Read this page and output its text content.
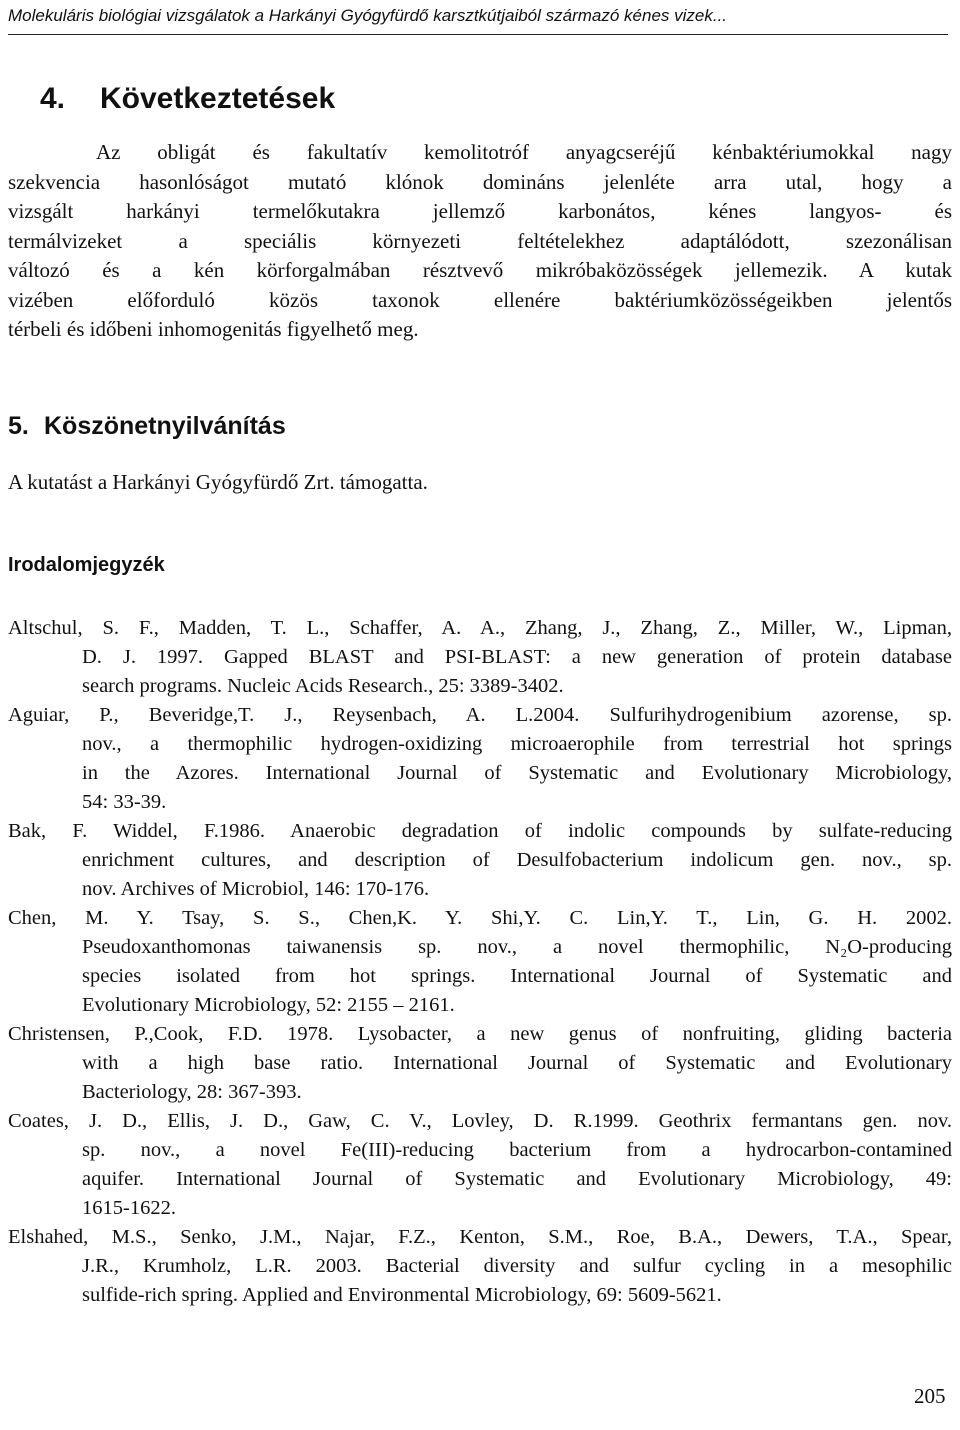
Molekuláris biológiai vizsgálatok a Harkányi Gyógyfürdő karsztkútjaiból származó kénes vizek...
4. Következtetések
Az obligát és fakultatív kemolitotróf anyagcseréjű kénbaktériumokkal nagy
szekvencia hasonlóságot mutató klónok domináns jelenléte arra utal, hogy a
vizsgált harkányi termelőkutakra jellemző karbonátos, kénes langyos- és
termálvizeket a speciális környezeti feltételekhez adaptálódott, szezonálisan
változó és a kén körforgalmában résztvevő mikróbaközösségek jellemezik. A kutak
vizében előforduló közös taxonok ellenére baktériumközösségeikben jelentős
térbeli és időbeni inhomogenitás figyelhető meg.
5. Köszönetnyilvánítás
A kutatást a Harkányi Gyógyfürdő Zrt. támogatta.
Irodalomjegyzék
Altschul, S. F., Madden, T. L., Schaffer, A. A., Zhang, J., Zhang, Z., Miller, W., Lipman,
D. J. 1997. Gapped BLAST and PSI-BLAST: a new generation of protein database
search programs. Nucleic Acids Research., 25: 3389-3402.
Aguiar, P., Beveridge,T. J., Reysenbach, A. L.2004. Sulfurihydrogenibium azorense, sp.
nov., a thermophilic hydrogen-oxidizing microaerophile from terrestrial hot springs
in the Azores. International Journal of Systematic and Evolutionary Microbiology,
54: 33-39.
Bak, F. Widdel, F.1986. Anaerobic degradation of indolic compounds by sulfate-reducing
enrichment cultures, and description of Desulfobacterium indolicum gen. nov., sp.
nov. Archives of Microbiol, 146: 170-176.
Chen, M. Y. Tsay, S. S., Chen,K. Y. Shi,Y. C. Lin,Y. T., Lin, G. H. 2002.
Pseudoxanthomonas taiwanensis sp. nov., a novel thermophilic, N₂O-producing
species isolated from hot springs. International Journal of Systematic and
Evolutionary Microbiology, 52: 2155 – 2161.
Christensen, P.,Cook, F.D. 1978. Lysobacter, a new genus of nonfruiting, gliding bacteria
with a high base ratio. International Journal of Systematic and Evolutionary
Bacteriology, 28: 367-393.
Coates, J. D., Ellis, J. D., Gaw, C. V., Lovley, D. R.1999. Geothrix fermantans gen. nov.
sp. nov., a novel Fe(III)-reducing bacterium from a hydrocarbon-contamined
aquifer. International Journal of Systematic and Evolutionary Microbiology, 49:
1615-1622.
Elshahed, M.S., Senko, J.M., Najar, F.Z., Kenton, S.M., Roe, B.A., Dewers, T.A., Spear,
J.R., Krumholz, L.R. 2003. Bacterial diversity and sulfur cycling in a mesophilic
sulfide-rich spring. Applied and Environmental Microbiology, 69: 5609-5621.
205
